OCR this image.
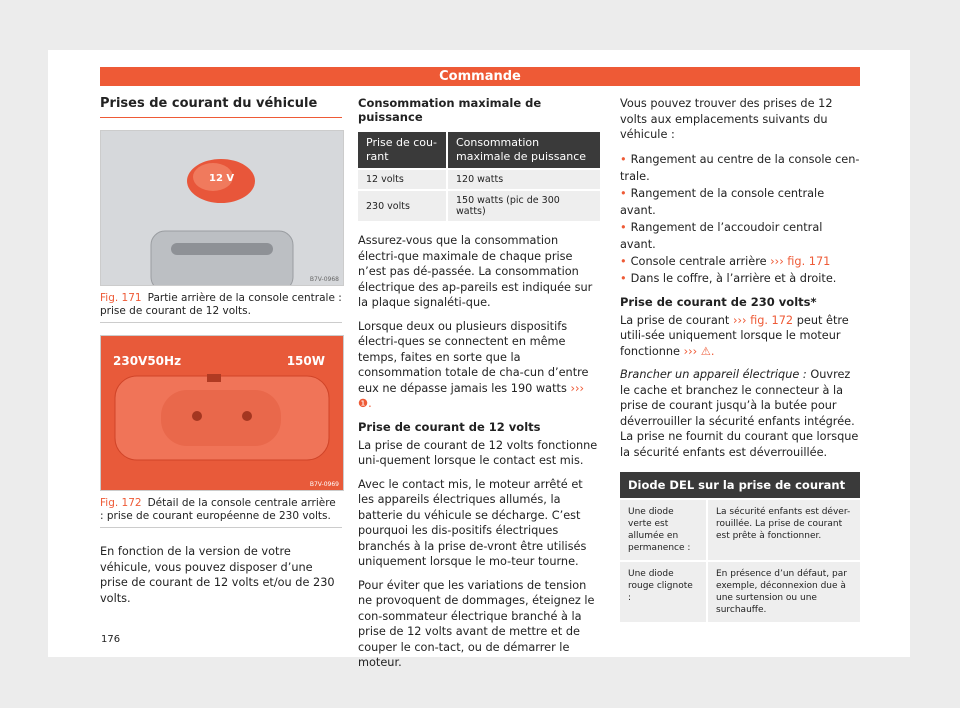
Commande
Prises de courant du véhicule
12 V
B7V-0968

Fig. 171 Partie arrière de la console centrale : prise de courant de 12 volts.

230V50Hz	150W
B7V-0969

Fig. 172 Détail de la console centrale arrière : prise de courant européenne de 230 volts.

En fonction de la version de votre véhicule, vous pouvez disposer d’une prise de courant de 12 volts et/ou de 230 volts.

Consommation maximale de puissance
Prise de cou-rant	Consommation maximale de puissance
12 volts	120 watts
230 volts	150 watts (pic de 300 watts)

Assurez-vous que la consommation électri-que maximale de chaque prise n’est pas dé-passée. La consommation électrique des ap-pareils est indiquée sur la plaque signaléti-que.

Lorsque deux ou plusieurs dispositifs électri-ques se connectent en même temps, faites en sorte que la consommation totale de cha-cun d’entre eux ne dépasse jamais les 190 watts ››› ❶.

Prise de courant de 12 volts

La prise de courant de 12 volts fonctionne uni-quement lorsque le contact est mis.

Avec le contact mis, le moteur arrêté et les appareils électriques allumés, la batterie du véhicule se décharge. C’est pourquoi les dis-positifs électriques branchés à la prise de-vront être utilisés uniquement lorsque le mo-teur tourne.

Pour éviter que les variations de tension ne provoquent de dommages, éteignez le con-sommateur électrique branché à la prise de 12 volts avant de mettre et de couper le con-tact, ou de démarrer le moteur.

Vous pouvez trouver des prises de 12 volts aux emplacements suivants du véhicule :

• Rangement au centre de la console cen-trale.
• Rangement de la console centrale avant.
• Rangement de l’accoudoir central avant.
• Console centrale arrière ››› fig. 171
• Dans le coffre, à l’arrière et à droite.
Prise de courant de 230 volts*

La prise de courant ››› fig. 172 peut être utili-sée uniquement lorsque le moteur fonctionne ››› ⚠.

Brancher un appareil électrique : Ouvrez le cache et branchez le connecteur à la prise de courant jusqu’à la butée pour déverrouiller la sécurité enfants intégrée. La prise ne fournit du courant que lorsque la sécurité enfants est déverrouillée.

Diode DEL sur la prise de courant	
Une diode verte est allumée en permanence :	La sécurité enfants est déver-rouillée. La prise de courant est prête à fonctionner.
Une diode rouge clignote :	En présence d’un défaut, par exemple, déconnexion due à une surtension ou une surchauffe.
176
